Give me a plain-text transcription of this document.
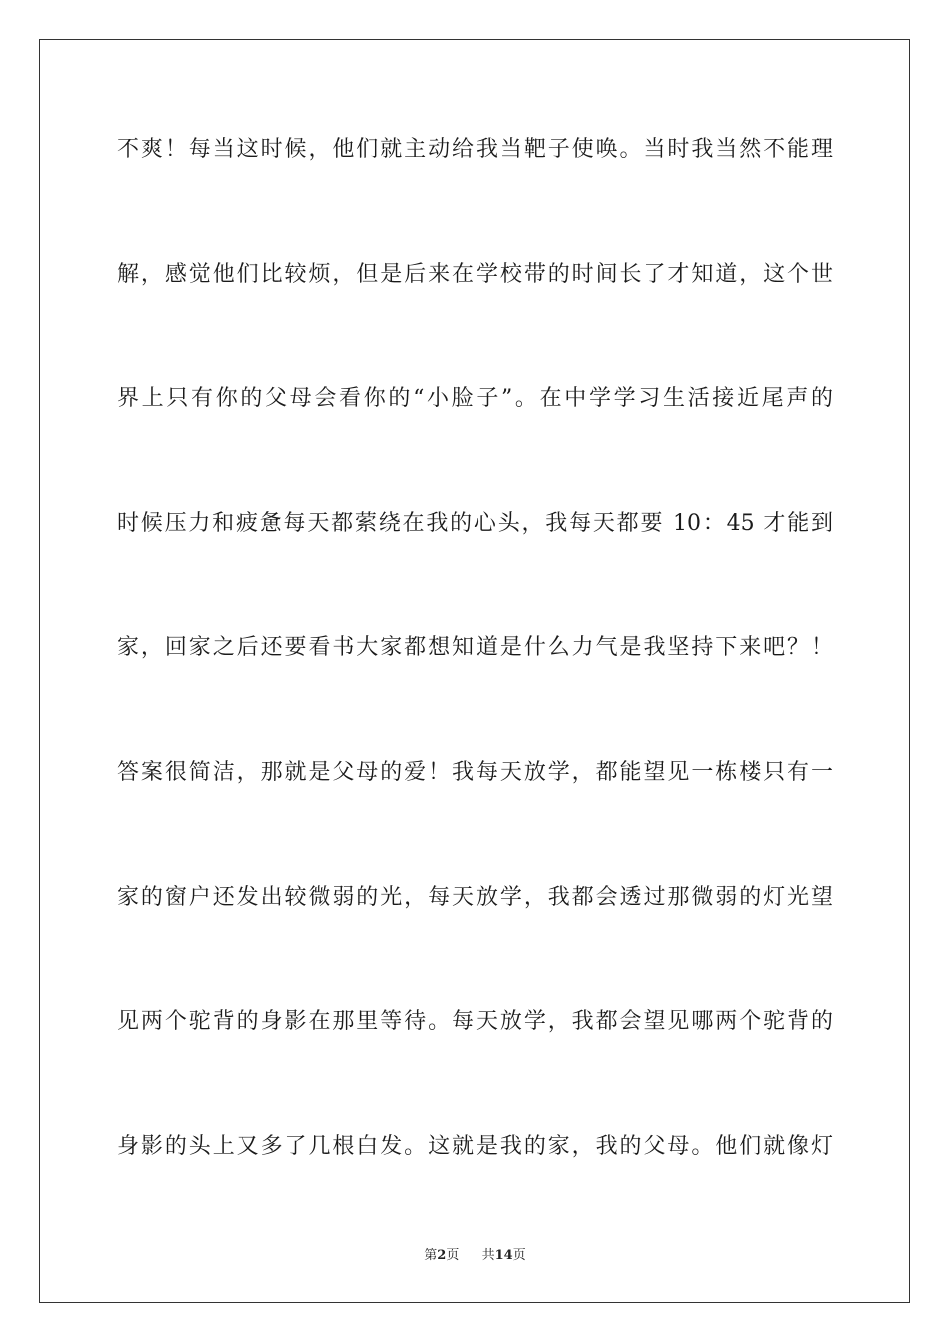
不爽！每当这时候，他们就主动给我当靶子使唤。当时我当然不能理
解，感觉他们比较烦，但是后来在学校带的时间长了才知道，这个世
界上只有你的父母会看你的“小脸子”。在中学学习生活接近尾声的
时候压力和疲惫每天都萦绕在我的心头，我每天都要 10：45 才能到
家，回家之后还要看书大家都想知道是什么力气是我坚持下来吧？！
答案很简洁，那就是父母的爱！我每天放学，都能望见一栋楼只有一
家的窗户还发出较微弱的光，每天放学，我都会透过那微弱的灯光望
见两个驼背的身影在那里等待。每天放学，我都会望见哪两个驼背的
身影的头上又多了几根白发。这就是我的家，我的父母。他们就像灯
第2页 共14页
